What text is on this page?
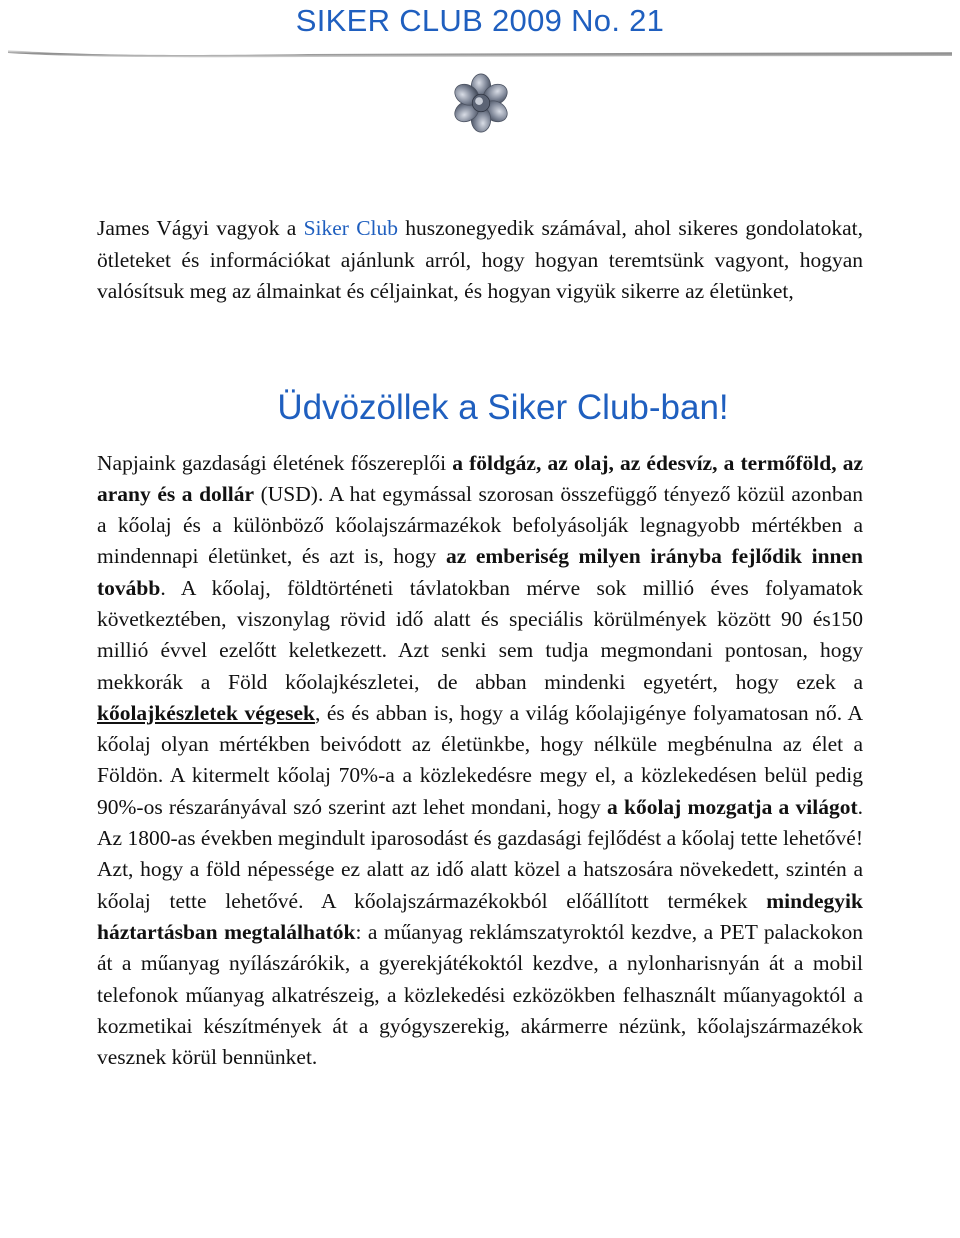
SIKER CLUB 2009 No. 21

James Vágyi vagyok a Siker Club huszonegyedik számával, ahol sikeres gondolatokat, ötleteket és információkat ajánlunk arról, hogy hogyan teremtsünk vagyont, hogyan valósítsuk meg az álmainkat és céljainkat, és hogyan vigyük sikerre az életünket,

Üdvözöllek a Siker Club-ban!

Napjaink gazdasági életének főszereplői a földgáz, az olaj, az édesvíz, a termőföld, az arany és a dollár (USD). A hat egymással szorosan összefüggő tényező közül azonban a kőolaj és a különböző kőolajszármazékok befolyásolják legnagyobb mértékben a mindennapi életünket, és azt is, hogy az emberiség milyen irányba fejlődik innen tovább. A kőolaj, földtörténeti távlatokban mérve sok millió éves folyamatok következtében, viszonylag rövid idő alatt és speciális körülmények között 90 és150 millió évvel ezelőtt keletkezett. Azt senki sem tudja megmondani pontosan, hogy mekkorák a Föld kőolajkészletei, de abban mindenki egyetért, hogy ezek a kőolajkészletek végesek, és és abban is, hogy a világ kőolajigénye folyamatosan nő. A kőolaj olyan mértékben beivódott az életünkbe, hogy nélküle megbénulna az élet a Földön. A kitermelt kőolaj 70%-a a közlekedésre megy el, a közlekedésen belül pedig 90%-os részarányával szó szerint azt lehet mondani, hogy a kőolaj mozgatja a világot. Az 1800-as években megindult iparosodást és gazdasági fejlődést a kőolaj tette lehetővé! Azt, hogy a föld népessége ez alatt az idő alatt közel a hatszosára növekedett, szintén a kőolaj tette lehetővé. A kőolajszármazékokból előállított termékek mindegyik háztartásban megtalálhatók: a műanyag reklámszatyroktól kezdve, a PET palackokon át a műanyag nyílászárókik, a gyerekjátékoktól kezdve, a nylonharisnyán át a mobil telefonok műanyag alkatrészeig, a közlekedési ezközökben felhasznált műanyagoktól a kozmetikai készítmények át a gyógyszerekig, akármerre nézünk, kőolajszármazékok vesznek körül bennünket.
